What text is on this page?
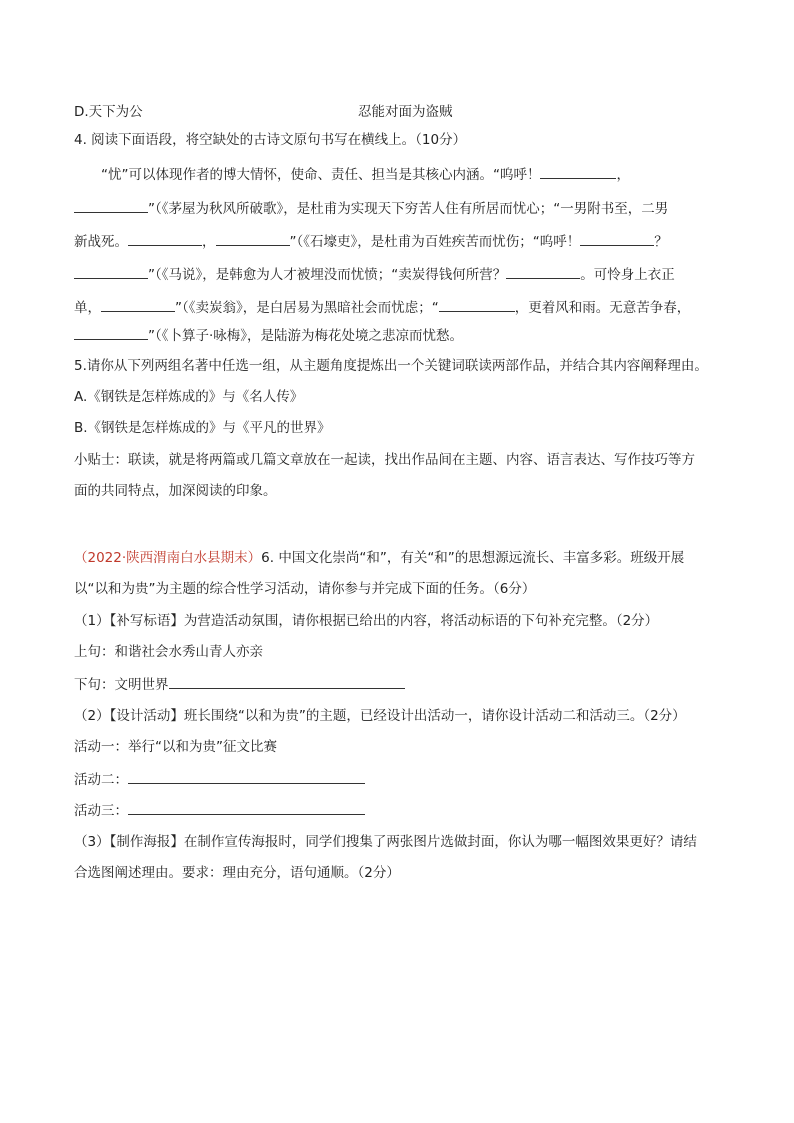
D.天下为公	忍能对面为盗贼
4. 阅读下面语段，将空缺处的古诗文原句书写在横线上。（10分）
“忧”可以体现作者的博大情怀，使命、责任、担当是其核心内涵。“呜呼！	，
”（《茅屋为秋风所破歌》，是杜甫为实现天下穷苦人住有所居而忧心；“一男附书至，二男
新战死。	，	”（《石壕吏》，是杜甫为百姓疾苦而忧伤；“呜呼！	？
”（《马说》，是韩愈为人才被埋没而忧愤；“卖炭得钱何所营？	。可怜身上衣正
单，	”（《卖炭翁》，是白居易为黑暗社会而忧虑；“	，更着风和雨。无意苦争春，
”（《卜算子·咏梅》，是陆游为梅花处境之悲凉而忧愁。
5.请你从下列两组名著中任选一组，从主题角度提炼出一个关键词联读两部作品，并结合其内容阐释理由。
A.《钢铁是怎样炼成的》与《名人传》
B.《钢铁是怎样炼成的》与《平凡的世界》
小贴士：联读，就是将两篇或几篇文章放在一起读，找出作品间在主题、内容、语言表达、写作技巧等方
面的共同特点，加深阅读的印象。
（2022·陕西渭南白水县期末）6. 中国文化崇尚“和”，有关“和”的思想源远流长、丰富多彩。班级开展
以“以和为贵”为主题的综合性学习活动，请你参与并完成下面的任务。（6分）
（1）【补写标语】为营造活动氛围，请你根据已给出的内容，将活动标语的下句补充完整。（2分）
上句：和谐社会水秀山青人亦亲
下句：文明世界
（2）【设计活动】班长围绕“以和为贵”的主题，已经设计出活动一，请你设计活动二和活动三。（2分）
活动一：举行“以和为贵”征文比赛
活动二：
活动三：
（3）【制作海报】在制作宣传海报时，同学们搜集了两张图片选做封面，你认为哪一幅图效果更好？请结
合选图阐述理由。要求：理由充分，语句通顺。（2分）
